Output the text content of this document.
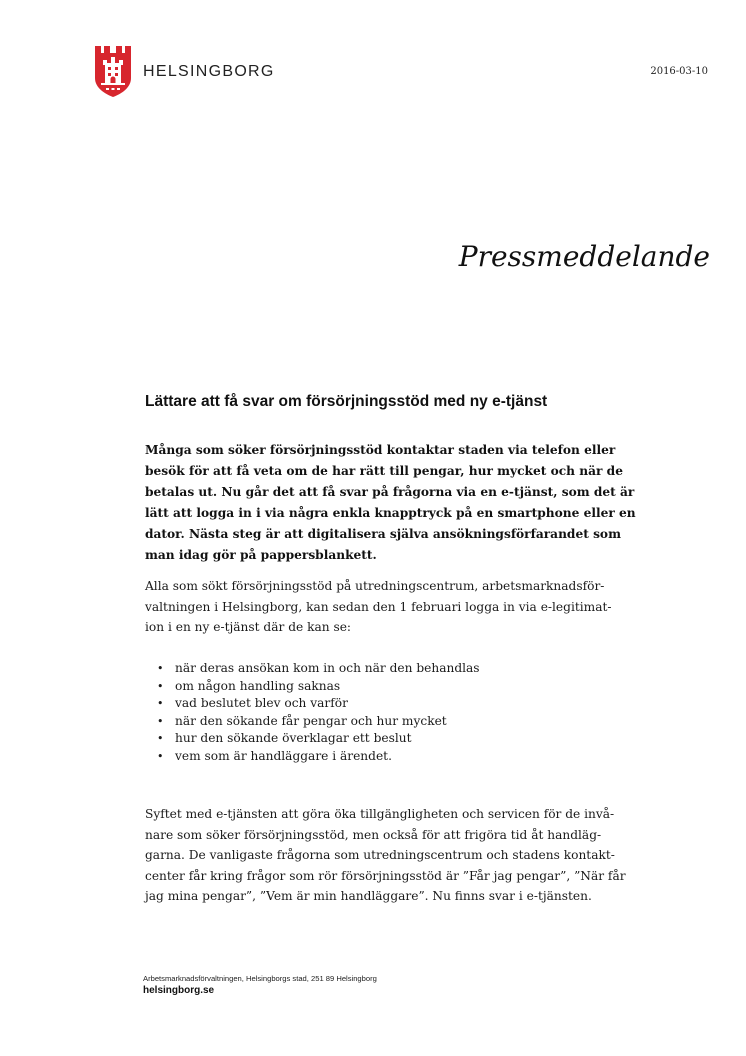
HELSINGBORG	2016-03-10
Pressmeddelande
Lättare att få svar om försörjningsstöd med ny e-tjänst
Många som söker försörjningsstöd kontaktar staden via telefon eller
besök för att få veta om de har rätt till pengar, hur mycket och när de
betalas ut. Nu går det att få svar på frågorna via en e-tjänst, som det är
lätt att logga in i via några enkla knapptryck på en smartphone eller en
dator. Nästa steg är att digitalisera själva ansökningsförfarandet som
man idag gör på pappersblankett.
Alla som sökt försörjningsstöd på utredningscentrum, arbetsmarknadsför-
valtningen i Helsingborg, kan sedan den 1 februari logga in via e-legitimat-
ion i en ny e-tjänst där de kan se:
• när deras ansökan kom in och när den behandlas
• om någon handling saknas
• vad beslutet blev och varför
• när den sökande får pengar och hur mycket
• hur den sökande överklagar ett beslut
• vem som är handläggare i ärendet.
Syftet med e-tjänsten att göra öka tillgängligheten och servicen för de invå-
nare som söker försörjningsstöd, men också för att frigöra tid åt handläg-
garna. De vanligaste frågorna som utredningscentrum och stadens kontakt-
center får kring frågor som rör försörjningsstöd är ”Får jag pengar”, ”När får
jag mina pengar”, ”Vem är min handläggare”. Nu finns svar i e-tjänsten.
Arbetsmarknadsförvaltningen, Helsingborgs stad, 251 89 Helsingborg
helsingborg.se
